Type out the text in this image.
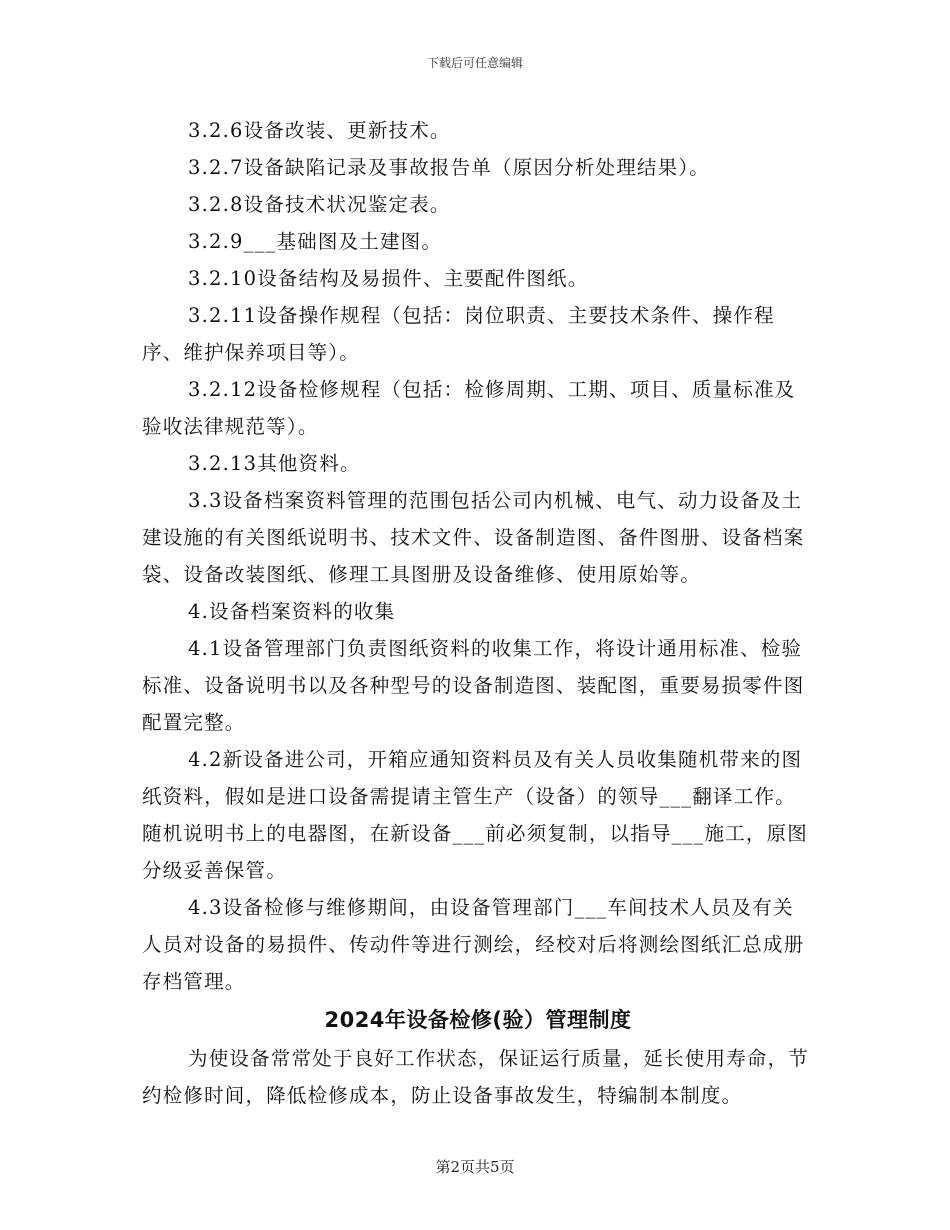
下载后可任意编辑

3.2.6设备改装、更新技术。

3.2.7设备缺陷记录及事故报告单（原因分析处理结果）。

3.2.8设备技术状况鉴定表。

3.2.9___基础图及土建图。

3.2.10设备结构及易损件、主要配件图纸。

3.2.11设备操作规程（包括：岗位职责、主要技术条件、操作程序、维护保养项目等）。

3.2.12设备检修规程（包括：检修周期、工期、项目、质量标准及验收法律规范等）。

3.2.13其他资料。

3.3设备档案资料管理的范围包括公司内机械、电气、动力设备及土建设施的有关图纸说明书、技术文件、设备制造图、备件图册、设备档案袋、设备改装图纸、修理工具图册及设备维修、使用原始等。

4.设备档案资料的收集

4.1设备管理部门负责图纸资料的收集工作，将设计通用标准、检验标准、设备说明书以及各种型号的设备制造图、装配图，重要易损零件图配置完整。

4.2新设备进公司，开箱应通知资料员及有关人员收集随机带来的图纸资料，假如是进口设备需提请主管生产（设备）的领导___翻译工作。随机说明书上的电器图，在新设备___前必须复制，以指导___施工，原图分级妥善保管。

4.3设备检修与维修期间，由设备管理部门___车间技术人员及有关人员对设备的易损件、传动件等进行测绘，经校对后将测绘图纸汇总成册存档管理。

2024年设备检修(验）管理制度

为使设备常常处于良好工作状态，保证运行质量，延长使用寿命，节约检修时间，降低检修成本，防止设备事故发生，特编制本制度。

第2页共5页
